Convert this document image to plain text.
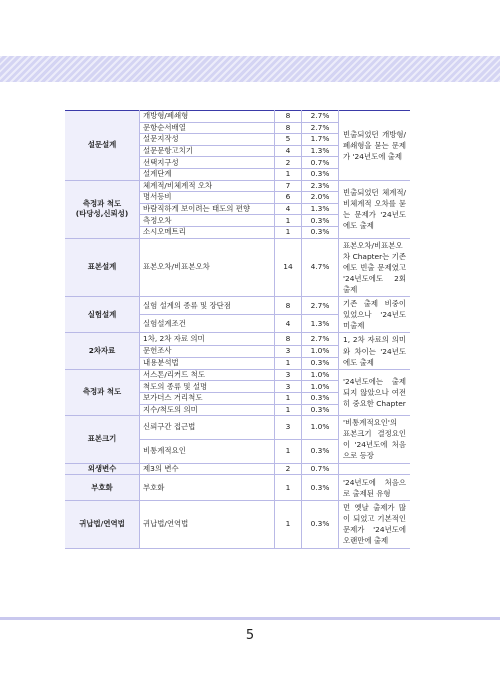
설문설계	개방형/폐쇄형	8	2.7%	빈출되었던 개방형/폐쇄형을 묻는 문제가 '24년도에 출제
	문항순서배열	8	2.7%	
	설문지작성	5	1.7%	
	설문문항고치기	4	1.3%	
	선택지구성	2	0.7%	
	설계단계	1	0.3%	
측정과 척도
(타당성,신뢰성)	체계적/비체계적 오차	7	2.3%	빈출되었던 체계적/비체계적 오차를 묻는 문제가 '24년도에도 출제
	명서등비	6	2.0%	
	바람직하게 보이려는 태도의 편향	4	1.3%	
	측정오차	1	0.3%	
	소시오메트리	1	0.3%	
표본설계	표본오차/비표본오차	14	4.7%	표본오차/비표본오차 Chapter는 기존에도 빈출 문제였고 '24년도에도 2회 출제
실험설계	실험 설계의 종류 및 장단점	8	2.7%	기존 출제 비중이 있었으나 '24년도 미출제
	실험설계조건	4	1.3%	
2차자료	1차, 2차 자료 의미	8	2.7%	1, 2차 자료의 의미와 차이는 '24년도에도 출제
	문헌조사	3	1.0%	
	내용분석법	1	0.3%	
측정과 척도	서스톤/리커드 척도	3	1.0%	'24년도에는 출제되지 않았으나 여전히 중요한 Chapter
	척도의 종류 및 설명	3	1.0%	
	보가더스 거리척도	1	0.3%	
	지수/척도의 의미	1	0.3%	
표본크기	신뢰구간 접근법	3	1.0%	'비통계적요인'의 표본크기 결정요인이 '24년도에 처음으로 등장
	비통계적요인	1	0.3%	
외생변수	제3의 변수	2	0.7%	
부호화	부호화	1	0.3%	'24년도에 처음으로 출제된 유형
귀납법/연역법	귀납법/연역법	1	0.3%	먼 옛날 출제가 많이 되었고 기본적인 문제가 '24년도에 오랜만에 출제
5
